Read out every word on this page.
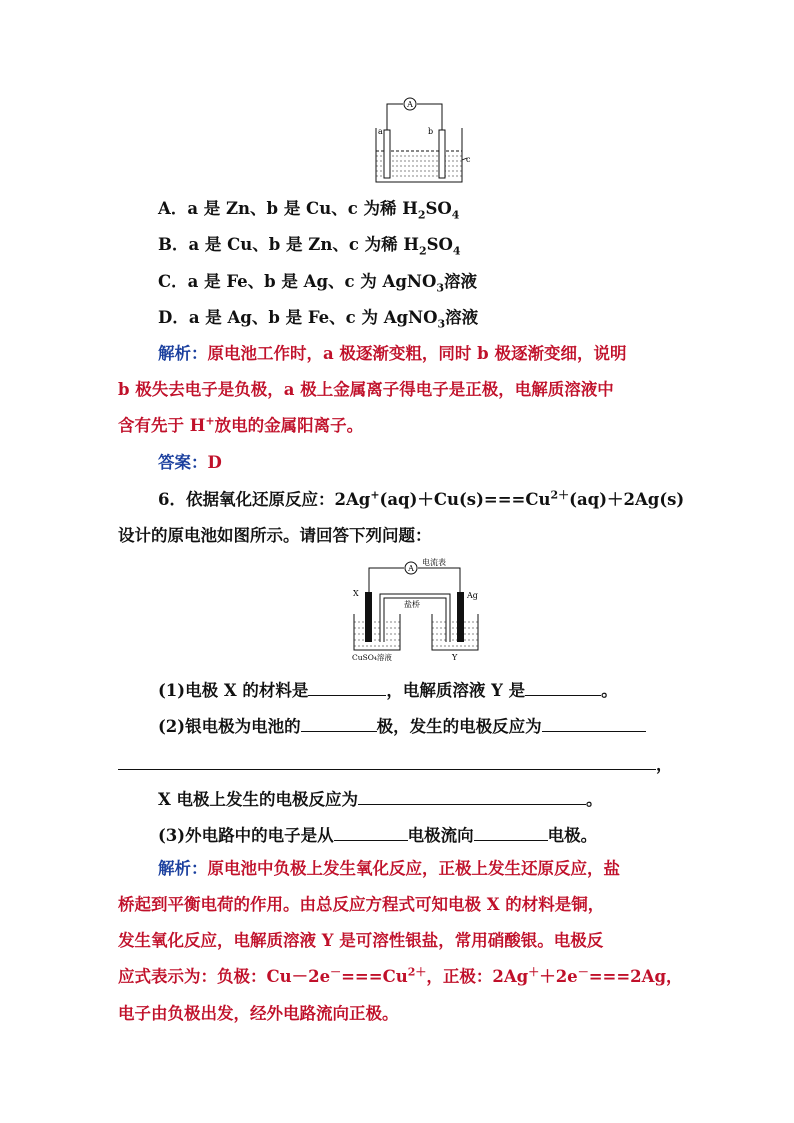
A
a	b
c
A．a 是 Zn、b 是 Cu、c 为稀 $H_2SO_4$
B．a 是 Cu、b 是 Zn、c 为稀 $H_2SO_4$
C．a 是 Fe、b 是 Ag、c 为 AgNO$_3$溶液
D．a 是 Ag、b 是 Fe、c 为 AgNO$_3$溶液
解析：原电池工作时，a 极逐渐变粗，同时 b 极逐渐变细，说明
b 极失去电子是负极，a 极上金属离子得电子是正极，电解质溶液中
含有先于 H+放电的金属阳离子。
答案：D
6．依据氧化还原反应：$2Ag^+(aq)+Cu(s)===Cu^{2+}(aq)+2Ag(s)$
设计的原电池如图所示。请回答下列问题：
A
电流表
盐桥
X	Ag
CuSO₄溶液	Y
(1)电极 X 的材料是	，电解质溶液 Y 是	。
(2)银电极为电池的	极，发生的电极反应为
，
X 电极上发生的电极反应为	。
(3)外电路中的电子是从	电极流向	电极。
解析：原电池中负极上发生氧化反应，正极上发生还原反应，盐
桥起到平衡电荷的作用。由总反应方程式可知电极 X 的材料是铜，
发生氧化反应，电解质溶液 Y 是可溶性银盐，常用硝酸银。电极反
应式表示为：负极：$Cu-2e^-===Cu^{2+}$，正极：2Ag＋＋2e－===2Ag，
电子由负极出发，经外电路流向正极。
